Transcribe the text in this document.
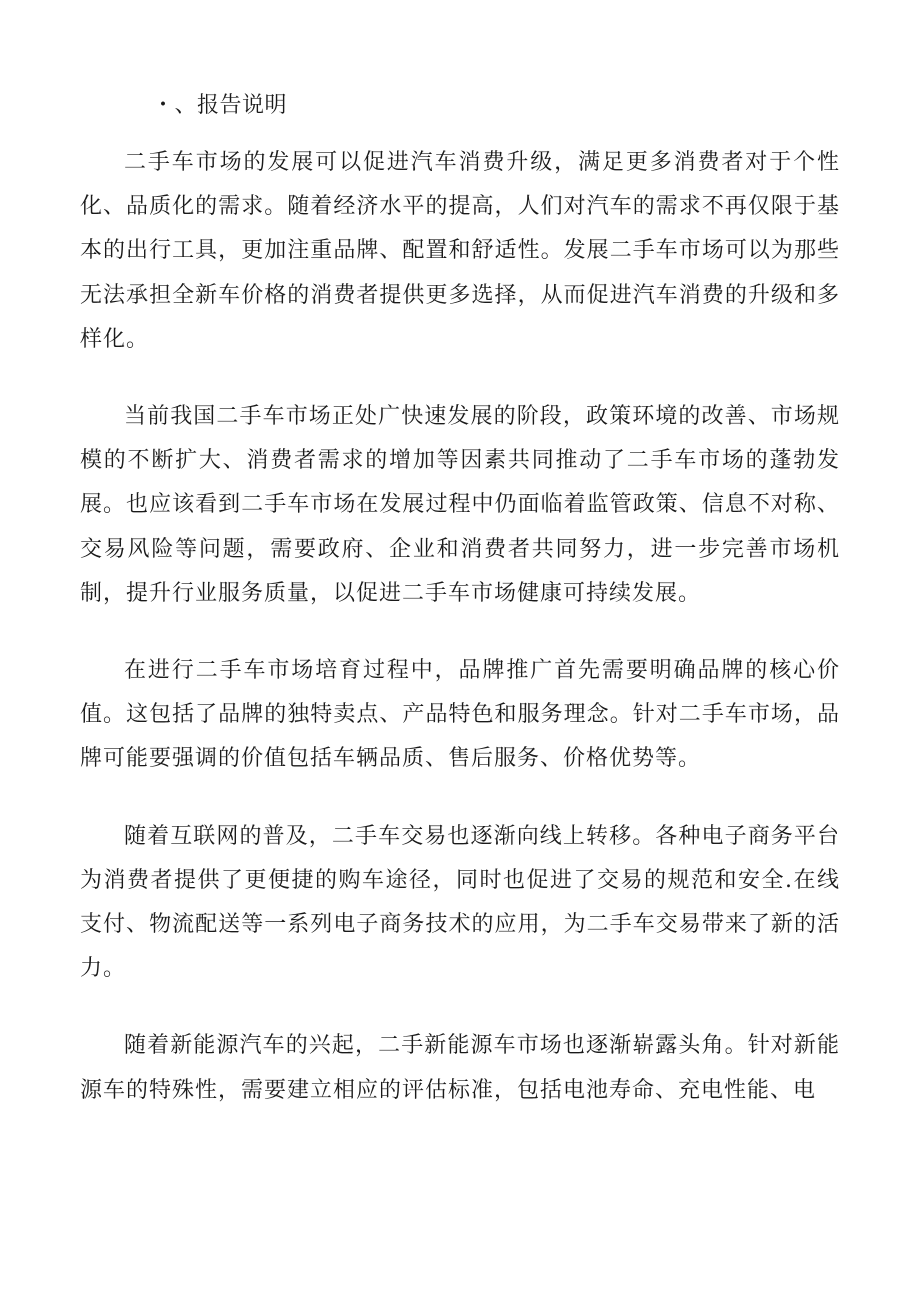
・、报告说明

二手车市场的发展可以促进汽车消费升级，满足更多消费者对于个性化、品质化的需求。随着经济水平的提高，人们对汽车的需求不再仅限于基本的出行工具，更加注重品牌、配置和舒适性。发展二手车市场可以为那些无法承担全新车价格的消费者提供更多选择，从而促进汽车消费的升级和多样化。

当前我国二手车市场正处广快速发展的阶段，政策环境的改善、市场规模的不断扩大、消费者需求的增加等因素共同推动了二手车市场的蓬勃发展。也应该看到二手车市场在发展过程中仍面临着监管政策、信息不对称、交易风险等问题，需要政府、企业和消费者共同努力，进一步完善市场机制，提升行业服务质量，以促进二手车市场健康可持续发展。

在进行二手车市场培育过程中，品牌推广首先需要明确品牌的核心价值。这包括了品牌的独特卖点、产品特色和服务理念。针对二手车市场，品牌可能要强调的价值包括车辆品质、售后服务、价格优势等。

随着互联网的普及，二手车交易也逐渐向线上转移。各种电子商务平台为消费者提供了更便捷的购车途径，同时也促进了交易的规范和安全.在线支付、物流配送等一系列电子商务技术的应用，为二手车交易带来了新的活力。

随着新能源汽车的兴起，二手新能源车市场也逐渐崭露头角。针对新能源车的特殊性，需要建立相应的评估标准，包括电池寿命、充电性能、电
